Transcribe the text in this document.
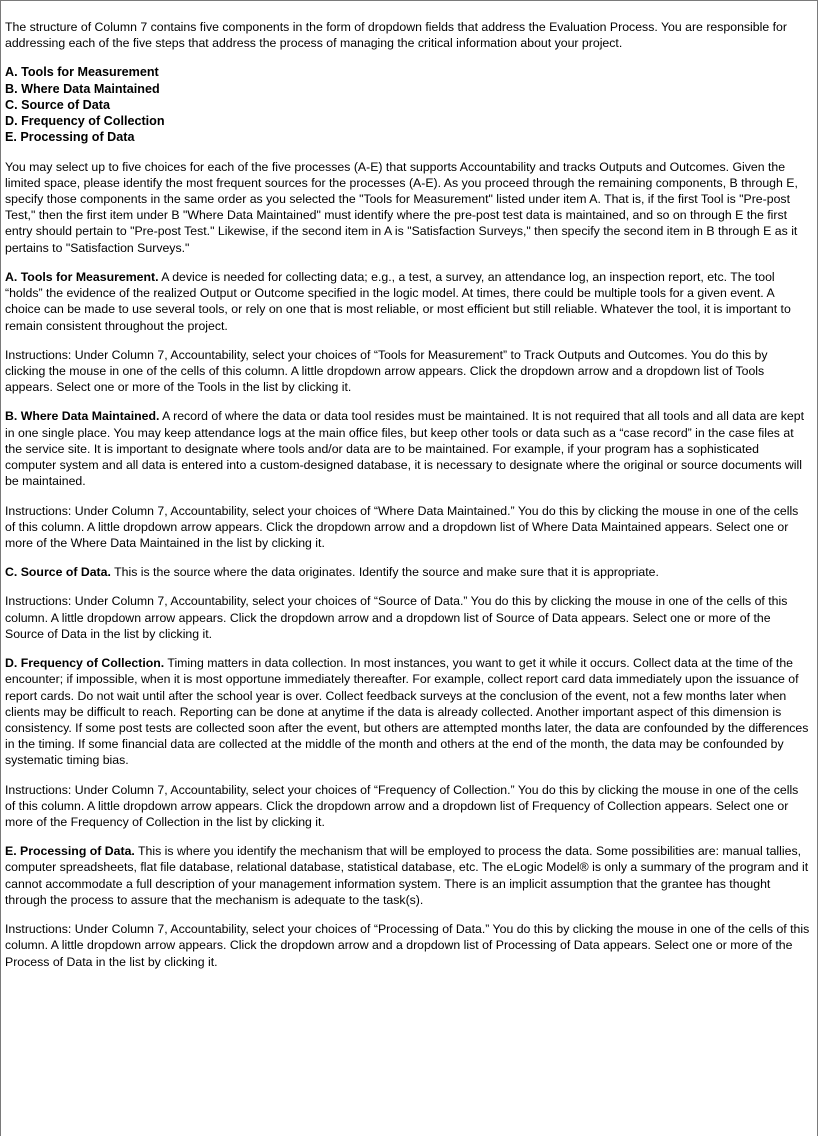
The structure of Column 7 contains five components in the form of dropdown fields that address the Evaluation Process. You are responsible for addressing each of the five steps that address the process of managing the critical information about your project.

A. Tools for Measurement

B. Where Data Maintained

C. Source of Data

D. Frequency of Collection

E. Processing of Data

You may select up to five choices for each of the five processes (A-E) that supports Accountability and tracks Outputs and Outcomes. Given the limited space, please identify the most frequent sources for the processes (A-E). As you proceed through the remaining components, B through E, specify those components in the same order as you selected the "Tools for Measurement" listed under item A. That is, if the first Tool is "Pre-post Test," then the first item under B "Where Data Maintained" must identify where the pre-post test data is maintained, and so on through E the first entry should pertain to "Pre-post Test." Likewise, if the second item in A is "Satisfaction Surveys," then specify the second item in B through E as it pertains to "Satisfaction Surveys."

A. Tools for Measurement. A device is needed for collecting data; e.g., a test, a survey, an attendance log, an inspection report, etc. The tool “holds” the evidence of the realized Output or Outcome specified in the logic model. At times, there could be multiple tools for a given event. A choice can be made to use several tools, or rely on one that is most reliable, or most efficient but still reliable. Whatever the tool, it is important to remain consistent throughout the project.

Instructions: Under Column 7, Accountability, select your choices of “Tools for Measurement” to Track Outputs and Outcomes. You do this by clicking the mouse in one of the cells of this column. A little dropdown arrow appears. Click the dropdown arrow and a dropdown list of Tools appears. Select one or more of the Tools in the list by clicking it.

B. Where Data Maintained. A record of where the data or data tool resides must be maintained. It is not required that all tools and all data are kept in one single place. You may keep attendance logs at the main office files, but keep other tools or data such as a “case record” in the case files at the service site. It is important to designate where tools and/or data are to be maintained. For example, if your program has a sophisticated computer system and all data is entered into a custom-designed database, it is necessary to designate where the original or source documents will be maintained.

Instructions: Under Column 7, Accountability, select your choices of “Where Data Maintained.” You do this by clicking the mouse in one of the cells of this column. A little dropdown arrow appears. Click the dropdown arrow and a dropdown list of Where Data Maintained appears. Select one or more of the Where Data Maintained in the list by clicking it.

C. Source of Data. This is the source where the data originates. Identify the source and make sure that it is appropriate.

Instructions: Under Column 7, Accountability, select your choices of “Source of Data.” You do this by clicking the mouse in one of the cells of this column. A little dropdown arrow appears. Click the dropdown arrow and a dropdown list of Source of Data appears. Select one or more of the Source of Data in the list by clicking it.

D. Frequency of Collection. Timing matters in data collection. In most instances, you want to get it while it occurs. Collect data at the time of the encounter; if impossible, when it is most opportune immediately thereafter. For example, collect report card data immediately upon the issuance of report cards. Do not wait until after the school year is over. Collect feedback surveys at the conclusion of the event, not a few months later when clients may be difficult to reach. Reporting can be done at anytime if the data is already collected. Another important aspect of this dimension is consistency. If some post tests are collected soon after the event, but others are attempted months later, the data are confounded by the differences in the timing. If some financial data are collected at the middle of the month and others at the end of the month, the data may be confounded by systematic timing bias.

Instructions: Under Column 7, Accountability, select your choices of “Frequency of Collection.” You do this by clicking the mouse in one of the cells of this column. A little dropdown arrow appears. Click the dropdown arrow and a dropdown list of Frequency of Collection appears. Select one or more of the Frequency of Collection in the list by clicking it.

E. Processing of Data. This is where you identify the mechanism that will be employed to process the data. Some possibilities are: manual tallies, computer spreadsheets, flat file database, relational database, statistical database, etc. The eLogic Model® is only a summary of the program and it cannot accommodate a full description of your management information system. There is an implicit assumption that the grantee has thought through the process to assure that the mechanism is adequate to the task(s).

Instructions: Under Column 7, Accountability, select your choices of “Processing of Data.” You do this by clicking the mouse in one of the cells of this column. A little dropdown arrow appears. Click the dropdown arrow and a dropdown list of Processing of Data appears. Select one or more of the Process of Data in the list by clicking it.
